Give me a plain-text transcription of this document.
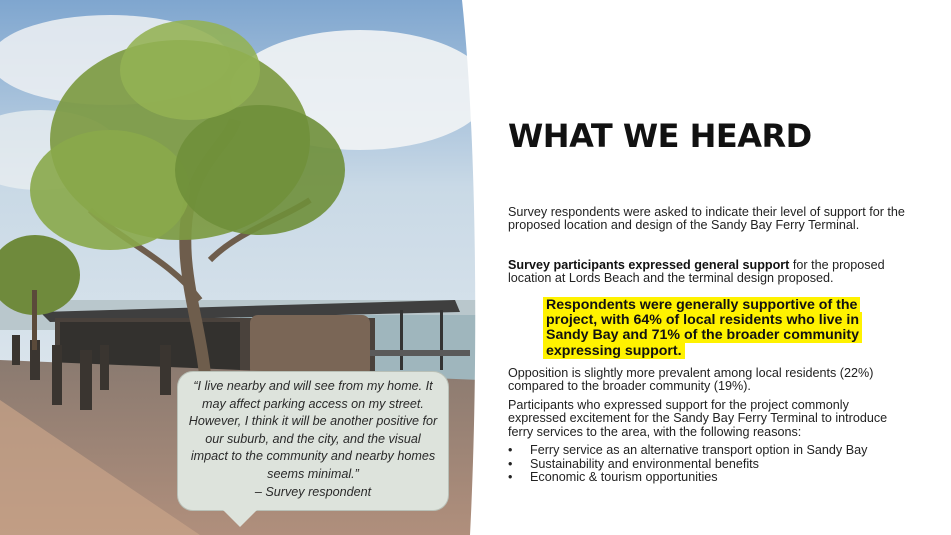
“I live nearby and will see from my home. It may affect parking access on my street. However, I think it will be another positive for our suburb, and the city, and the visual impact to the community and nearby homes seems minimal.”

– Survey respondent

WHAT WE HEARD

Survey respondents were asked to indicate their level of support for the proposed location and design of the Sandy Bay Ferry Terminal.

Survey participants expressed general support for the proposed location at Lords Beach and the terminal design proposed.

Respondents were generally supportive of the project, with 64% of local residents who live in Sandy Bay and 71% of the broader community expressing support.

Opposition is slightly more prevalent among local residents (22%) compared to the broader community (19%).

Participants who expressed support for the project commonly expressed excitement for the Sandy Bay Ferry Terminal to introduce ferry services to the area, with the following reasons:

• Ferry service as an alternative transport option in Sandy Bay
• Sustainability and environmental benefits
• Economic & tourism opportunities
